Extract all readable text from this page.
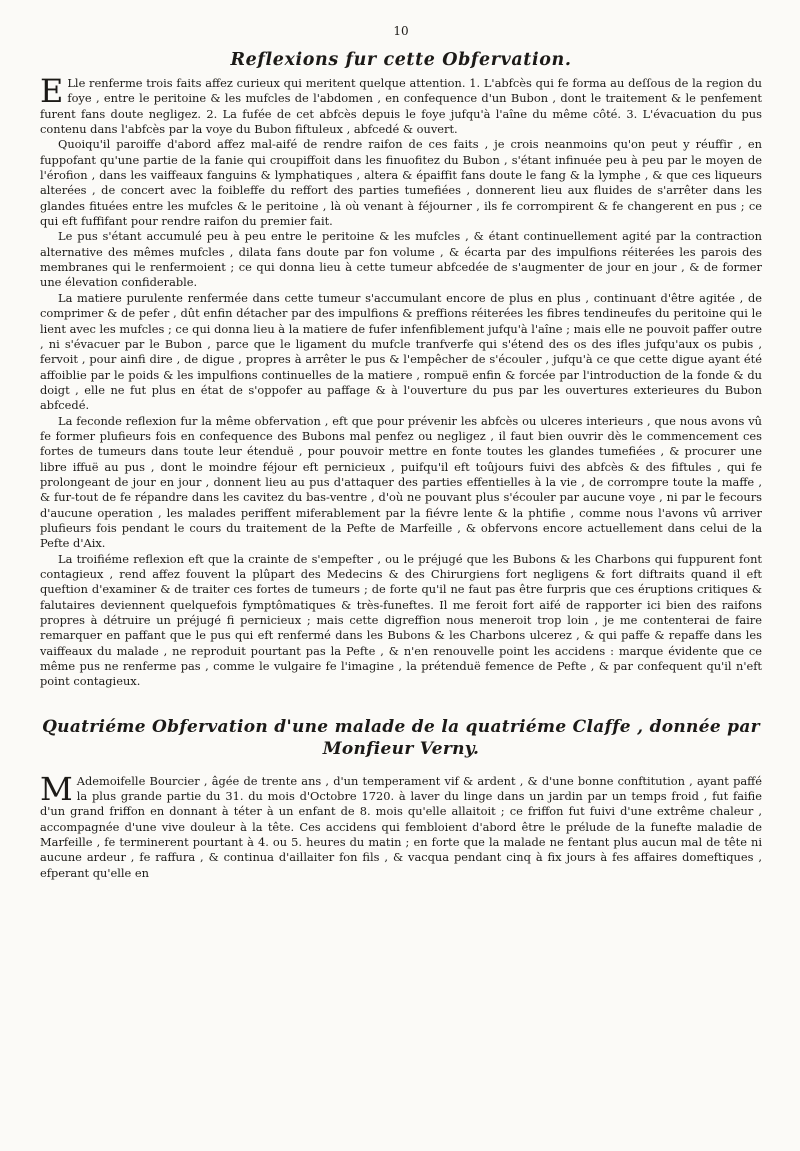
10
Reflexions fur cette Obfervation.

E Lle renferme trois faits affez curieux qui meritent quelque attention. 1. L'abfcès qui fe forma au deſſous de la region du foye , entre le peritoine & les mufcles de l'abdomen , en confequence d'un Bubon , dont le traitement & le penfement furent fans doute negligez. 2. La fufée de cet abfcès depuis le foye jufqu'à l'aîne du même côté. 3. L'évacuation du pus contenu dans l'abfcès par la voye du Bubon fiftuleux , abfcedé & ouvert.

Quoiqu'il paroiffe d'abord affez mal-aifé de rendre raifon de ces faits , je crois neanmoins qu'on peut y réuffir , en fuppofant qu'une partie de la fanie qui croupiffoit dans les finuofitez du Bubon , s'étant infinuée peu à peu par le moyen de l'érofion , dans les vaiffeaux fanguins & lymphatiques , altera & épaiffit fans doute le fang & la lymphe , & que ces liqueurs alterées , de concert avec la foibleffe du reffort des parties tumefiées , donnerent lieu aux fluides de s'arrêter dans les glandes fituées entre les mufcles & le peritoine , là où venant à féjourner , ils fe corrompirent & fe changerent en pus ; ce qui eft fuffifant pour rendre raifon du premier fait.

Le pus s'étant accumulé peu à peu entre le peritoine & les mufcles , & étant continuellement agité par la contraction alternative des mêmes mufcles , dilata fans doute par fon volume , & écarta par des impulfions réiterées les parois des membranes qui le renfermoient ; ce qui donna lieu à cette tumeur abfcedée de s'augmenter de jour en jour , & de former une élevation confiderable.

La matiere purulente renfermée dans cette tumeur s'accumulant encore de plus en plus , continuant d'être agitée , de comprimer & de pefer , dût enfin détacher par des impulfions & preffions réiterées les fibres tendineufes du peritoine qui le lient avec les mufcles ; ce qui donna lieu à la matiere de fufer infenfiblement jufqu'à l'aîne ; mais elle ne pouvoit paffer outre , ni s'évacuer par le Bubon , parce que le ligament du mufcle tranfverfe qui s'étend des os des ifles jufqu'aux os pubis , fervoit , pour ainfi dire , de digue , propres à arrêter le pus & l'empêcher de s'écouler , jufqu'à ce que cette digue ayant été affoiblie par le poids & les impulfions continuelles de la matiere , rompuë enfin & forcée par l'introduction de la fonde & du doigt , elle ne fut plus en état de s'oppofer au paffage & à l'ouverture du pus par les ouvertures exterieures du Bubon abfcedé.

La feconde reflexion fur la même obfervation , eft que pour prévenir les abfcès ou ulceres interieurs , que nous avons vû fe former plufieurs fois en confequence des Bubons mal penfez ou negligez , il faut bien ouvrir dès le commencement ces fortes de tumeurs dans toute leur étenduë , pour pouvoir mettre en fonte toutes les glandes tumefiées , & procurer une libre iffuë au pus , dont le moindre féjour eft pernicieux , puifqu'il eft toûjours fuivi des abfcès & des fiftules , qui fe prolongeant de jour en jour , donnent lieu au pus d'attaquer des parties effentielles à la vie , de corrompre toute la maffe , & fur-tout de fe répandre dans les cavitez du bas-ventre , d'où ne pouvant plus s'écouler par aucune voye , ni par le fecours d'aucune operation , les malades periffent miferablement par la fiévre lente & la phtifie , comme nous l'avons vû arriver plufieurs fois pendant le cours du traitement de la Pefte de Marfeille , & obfervons encore actuellement dans celui de la Pefte d'Aix.

La troifiéme reflexion eft que la crainte de s'empefter , ou le préjugé que les Bubons & les Charbons qui fuppurent font contagieux , rend affez fouvent la plûpart des Medecins & des Chirurgiens fort negligens & fort diftraits quand il eft queftion d'examiner & de traiter ces fortes de tumeurs ; de forte qu'il ne faut pas être furpris que ces éruptions critiques & falutaires deviennent quelquefois fymptômatiques & très-funeftes. Il me feroit fort aifé de rapporter ici bien des raifons propres à détruire un préjugé fi pernicieux ; mais cette digreffion nous meneroit trop loin , je me contenterai de faire remarquer en paffant que le pus qui eft renfermé dans les Bubons & les Charbons ulcerez , & qui paffe & repaffe dans les vaiffeaux du malade , ne reproduit pourtant pas la Pefte , & n'en renouvelle point les accidens : marque évidente que ce même pus ne renferme pas , comme le vulgaire fe l'imagine , la prétenduë femence de Pefte , & par confequent qu'il n'eft point contagieux.

Quatriéme Obfervation d'une malade de la quatriéme Claffe , donnée par Monfieur Verny.

M Ademoifelle Bourcier , âgée de trente ans , d'un temperament vif & ardent , & d'une bonne conftitution , ayant paffé la plus grande partie du 31. du mois d'Octobre 1720. à laver du linge dans un jardin par un temps froid , fut faifie d'un grand friffon en donnant à téter à un enfant de 8. mois qu'elle allaitoit ; ce friffon fut fuivi d'une extrême chaleur , accompagnée d'une vive douleur à la tête. Ces accidens qui fembloient d'abord être le prélude de la funefte maladie de Marfeille , fe terminerent pourtant à 4. ou 5. heures du matin ; en forte que la malade ne fentant plus aucun mal de tête ni aucune ardeur , fe raffura , & continua d'aillaiter fon fils , & vacqua pendant cinq à fix jours à fes affaires domeftiques , efperant qu'elle en
